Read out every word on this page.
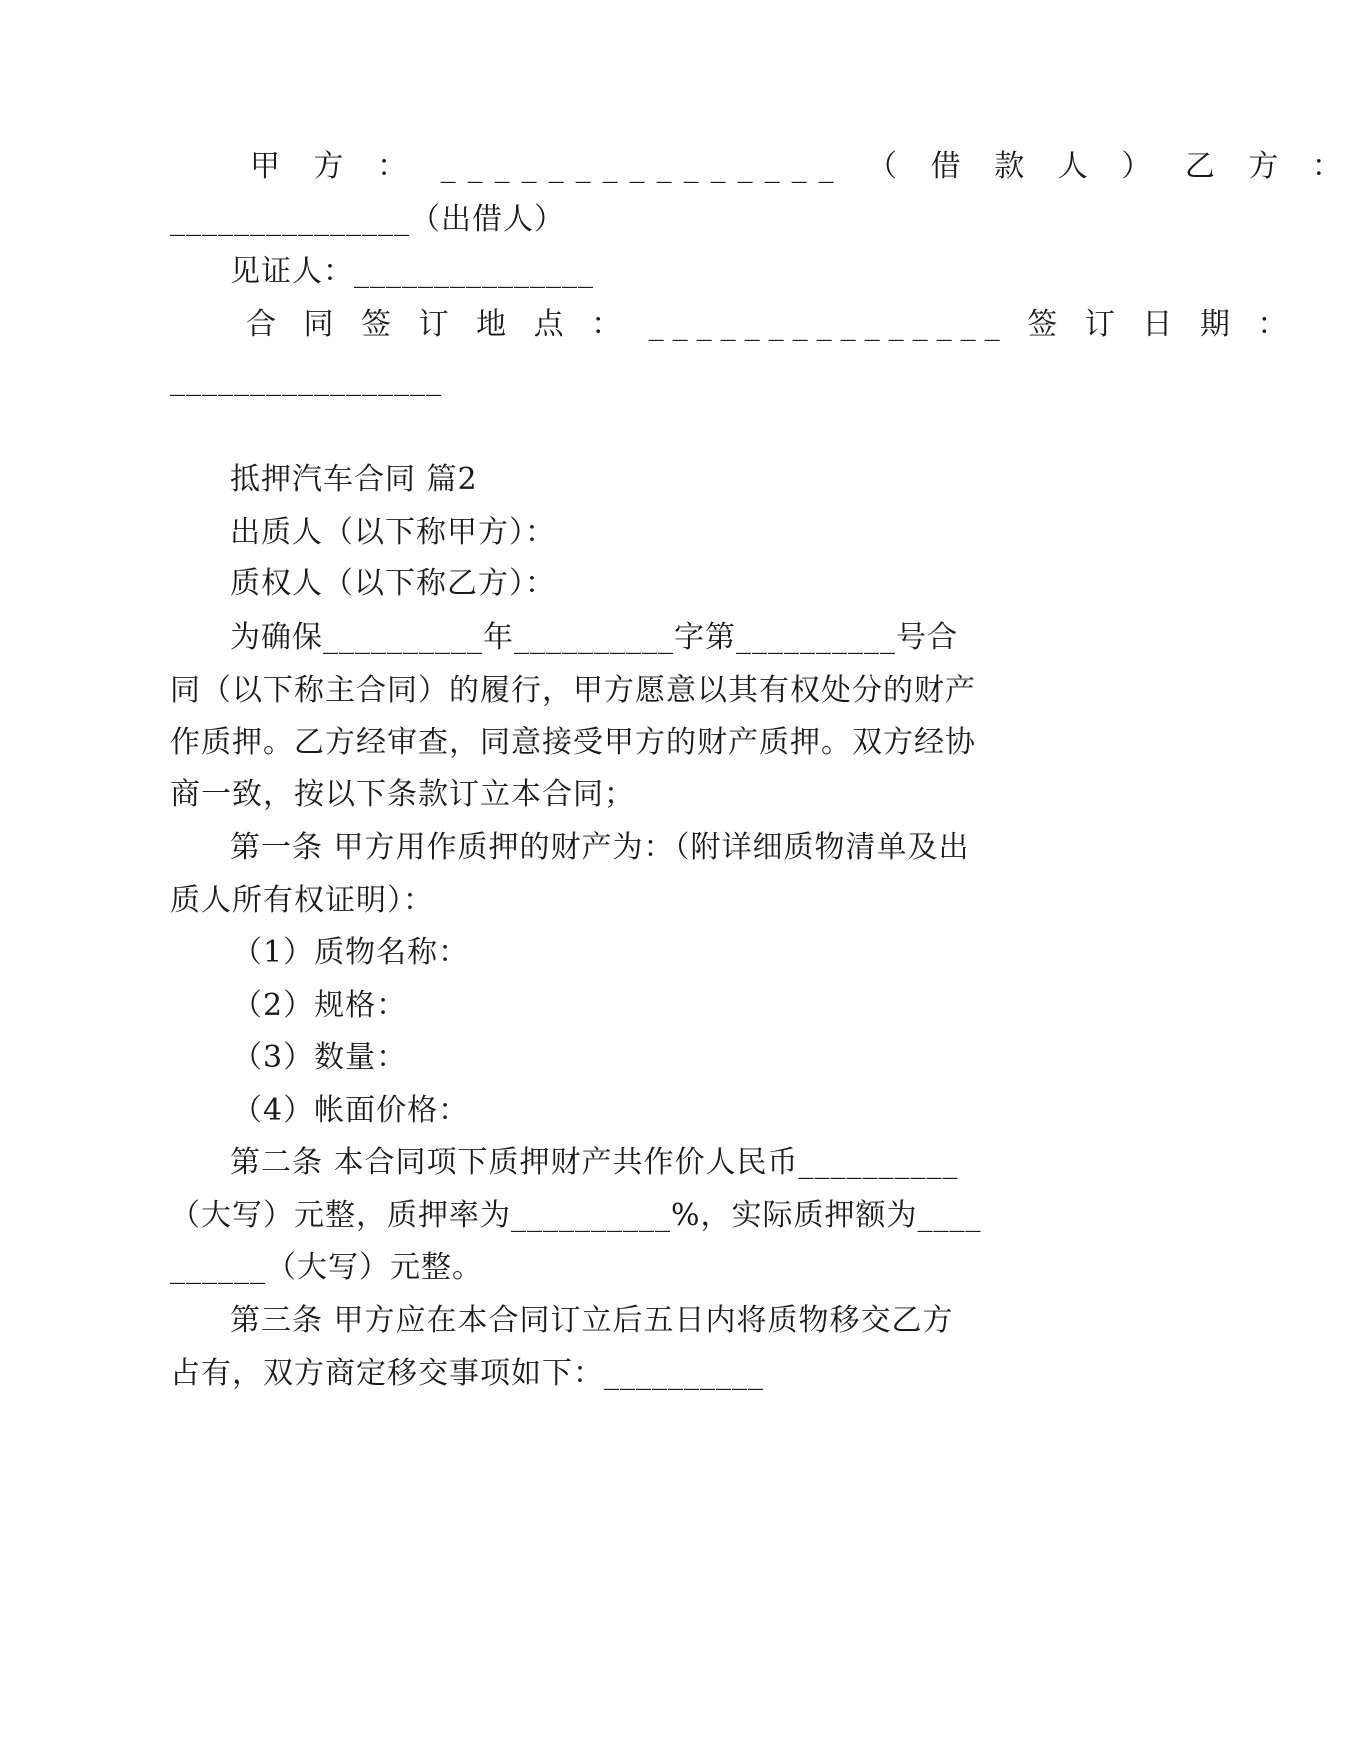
甲 方 ： _______________ （ 借 款 人 ） 乙 方 ：
_______________（出借人）
见证人：_______________
合 同 签 订 地 点 ： _______________ 签 订 日 期 ：
_________________
抵押汽车合同 篇2
出质人（以下称甲方）：
质权人（以下称乙方）：
为确保__________年__________字第__________号合
同（以下称主合同）的履行，甲方愿意以其有权处分的财产
作质押。乙方经审查，同意接受甲方的财产质押。双方经协
商一致，按以下条款订立本合同；
第一条 甲方用作质押的财产为：（附详细质物清单及出
质人所有权证明）：
（1）质物名称：
（2）规格：
（3）数量：
（4）帐面价格：
第二条 本合同项下质押财产共作价人民币__________
（大写）元整，质押率为__________%，实际质押额为____
______（大写）元整。
第三条 甲方应在本合同订立后五日内将质物移交乙方
占有，双方商定移交事项如下：__________
